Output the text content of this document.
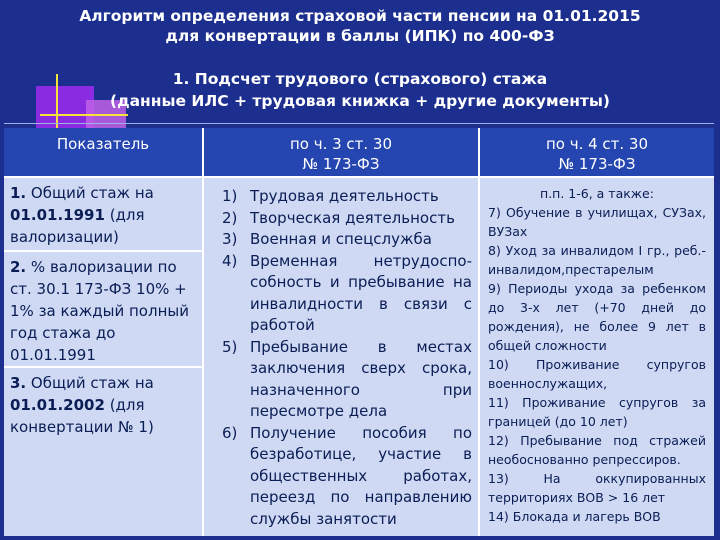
Алгоритм определения страховой части пенсии на 01.01.2015
для конвертации в баллы (ИПК) по 400-ФЗ
1. Подсчет трудового (страхового) стажа
(данные ИЛС + трудовая книжка + другие документы)
Показатель	по ч. 3 ст. 30
№ 173-ФЗ
по ч. 4 ст. 30
№ 173-ФЗ
1. Общий стаж на 01.01.1991 (для валоризации)
2. % валоризации по ст. 30.1 173-ФЗ 10% + 1% за каждый полный год стажа до 01.01.1991
3. Общий стаж на 01.01.2002 (для конвертации № 1)
1) Трудовая деятельность
2) Творческая деятельность
3) Военная и спецслужба
4) Временная нетрудоспо-собность и пребывание на инвалидности в связи с работой
5) Пребывание в местах заключения сверх срока, назначенного при пересмотре дела
6) Получение пособия по безработице, участие в общественных работах, переезд по направлению службы занятости

п.п. 1-6, а также:

7) Обучение в училищах, СУЗах, ВУЗах

8) Уход за инвалидом I гр., реб.-инвалидом,престарелым

9) Периоды ухода за ребенком до 3-х лет (+70 дней до рождения), не более 9 лет в общей сложности

10) Проживание супругов военнослужащих,

11) Проживание супругов за границей (до 10 лет)

12) Пребывание под стражей необоснованно репрессиров.

13) На оккупированных территориях ВОВ > 16 лет

14) Блокада и лагерь ВОВ
